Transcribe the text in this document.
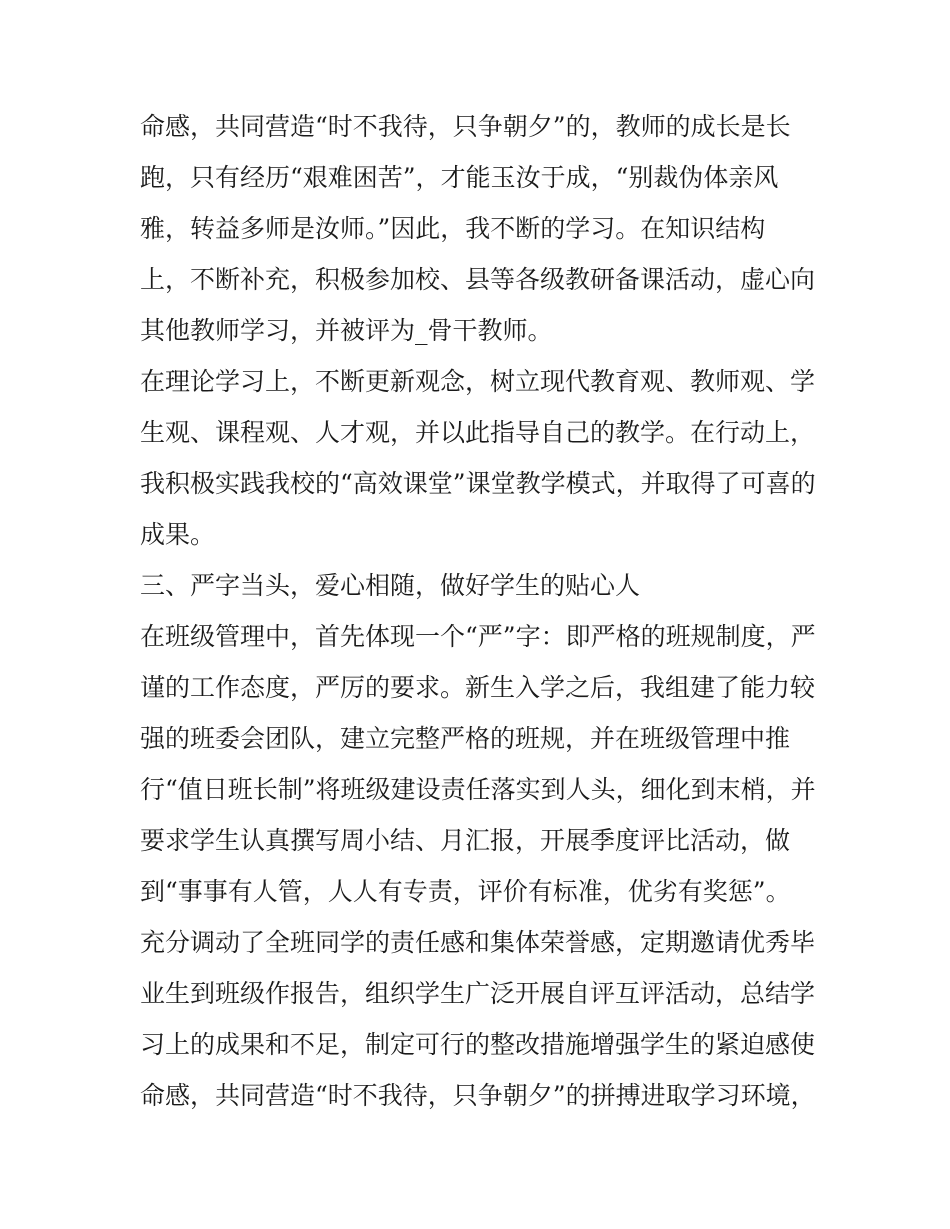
命感，共同营造“时不我待，只争朝夕”的，教师的成长是长

跑，只有经历“艰难困苦”，才能玉汝于成，“别裁伪体亲风

雅，转益多师是汝师。”因此，我不断的学习。在知识结构

上，不断补充，积极参加校、县等各级教研备课活动，虚心向

其他教师学习，并被评为_骨干教师。

在理论学习上，不断更新观念，树立现代教育观、教师观、学

生观、课程观、人才观，并以此指导自己的教学。在行动上，

我积极实践我校的“高效课堂”课堂教学模式，并取得了可喜的

成果。

三、严字当头，爱心相随，做好学生的贴心人

在班级管理中，首先体现一个“严”字：即严格的班规制度，严

谨的工作态度，严厉的要求。新生入学之后，我组建了能力较

强的班委会团队，建立完整严格的班规，并在班级管理中推

行“值日班长制”将班级建设责任落实到人头，细化到末梢，并

要求学生认真撰写周小结、月汇报，开展季度评比活动，做

到“事事有人管，人人有专责，评价有标准，优劣有奖惩”。

充分调动了全班同学的责任感和集体荣誉感，定期邀请优秀毕

业生到班级作报告，组织学生广泛开展自评互评活动，总结学

习上的成果和不足，制定可行的整改措施增强学生的紧迫感使

命感，共同营造“时不我待，只争朝夕”的拼搏进取学习环境，
